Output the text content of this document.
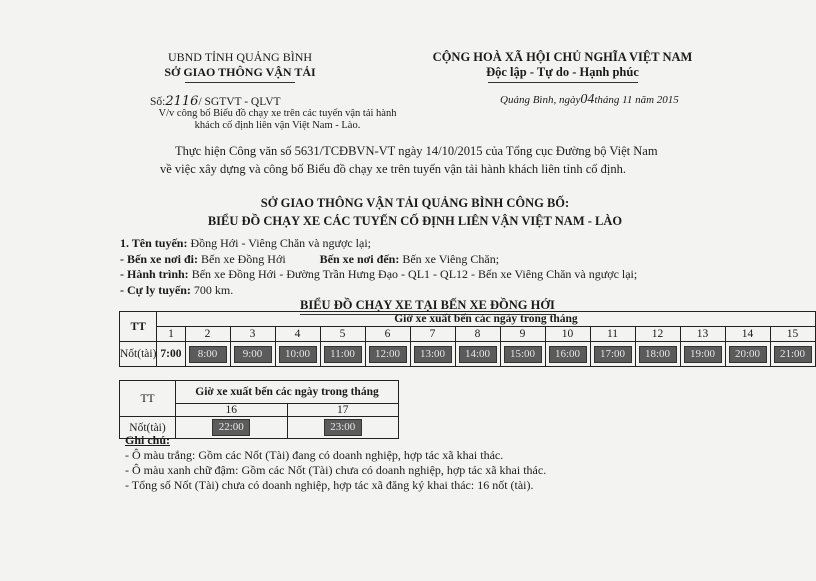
UBND TỈNH QUẢNG BÌNH
SỞ GIAO THÔNG VẬN TẢI
CỘNG HOÀ XÃ HỘI CHỦ NGHĨA VIỆT NAM
Độc lập - Tự do - Hạnh phúc
Số:2116/ SGTVT - QLVT
V/v công bố Biểu đồ chạy xe trên các tuyến vận tải hành khách cố định liên vận Việt Nam - Lào.
Quảng Bình, ngày04tháng 11 năm 2015
Thực hiện Công văn số 5631/TCĐBVN-VT ngày 14/10/2015 của Tổng cục Đường bộ Việt Nam
về việc xây dựng và công bố Biểu đồ chạy xe trên tuyến vận tải hành khách liên tỉnh cố định.
SỞ GIAO THÔNG VẬN TẢI QUẢNG BÌNH CÔNG BỐ:
BIỂU ĐỒ CHẠY XE CÁC TUYẾN CỐ ĐỊNH LIÊN VẬN VIỆT NAM - LÀO
1. Tên tuyến: Đồng Hới - Viêng Chăn và ngược lại;
- Bến xe nơi đi: Bến xe Đồng Hới	Bến xe nơi đến: Bến xe Viêng Chăn;
- Hành trình: Bến xe Đồng Hới - Đường Trần Hưng Đạo - QL1 - QL12 - Bến xe Viêng Chăn và ngược lại;
- Cự ly tuyến: 700 km.
BIỂU ĐỒ CHẠY XE TẠI BẾN XE ĐỒNG HỚI
TT	Giờ xe xuất bến các ngày trong tháng														
	1	2	3	4	5	6	7	8	9	10	11	12	13	14	15
Nốt(tài)	7:00	8:00	9:00	10:00	11:00	12:00	13:00	14:00	15:00	16:00	17:00	18:00	19:00	20:00	21:00
TT	Giờ xe xuất bến các ngày trong tháng	
	16	17
Nốt(tài)	22:00	23:00
Ghi chú:
- Ô màu trắng: Gồm các Nốt (Tài) đang có doanh nghiệp, hợp tác xã khai thác.
- Ô màu xanh chữ đậm: Gồm các Nốt (Tài) chưa có doanh nghiệp, hợp tác xã khai thác.
- Tổng số Nốt (Tài) chưa có doanh nghiệp, hợp tác xã đăng ký khai thác: 16 nốt (tài).
